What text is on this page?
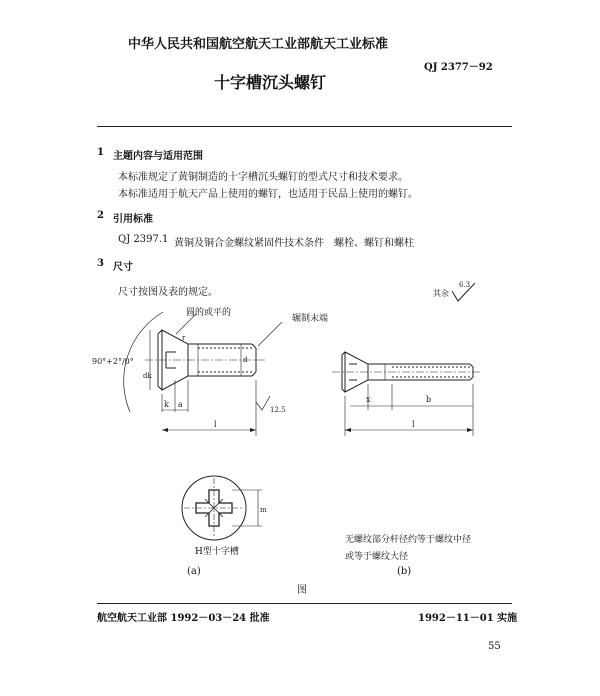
中华人民共和国航空航天工业部航天工业标准
QJ 2377－92
十字槽沉头螺钉
1 主题内容与适用范围
本标准规定了黄铜制造的十字槽沉头螺钉的型式尺寸和技术要求。
本标准适用于航天产品上使用的螺钉，也适用于民品上使用的螺钉。
2 引用标准
QJ 2397.1 黄铜及铜合金螺纹紧固件技术条件　螺栓、螺钉和螺柱
3 尺寸
尺寸按图及表的规定。	其余
6.3
d
90°+2°/0°
dk
r
k a
12.5
l
x	b
l
m
圆的或平的
辗制末端
H型十字槽
无螺纹部分杆径约等于螺纹中径
或等于螺纹大径
(a)	(b)
图
航空航天工业部 1992－03－24 批准	1992－11－01 实施
55
